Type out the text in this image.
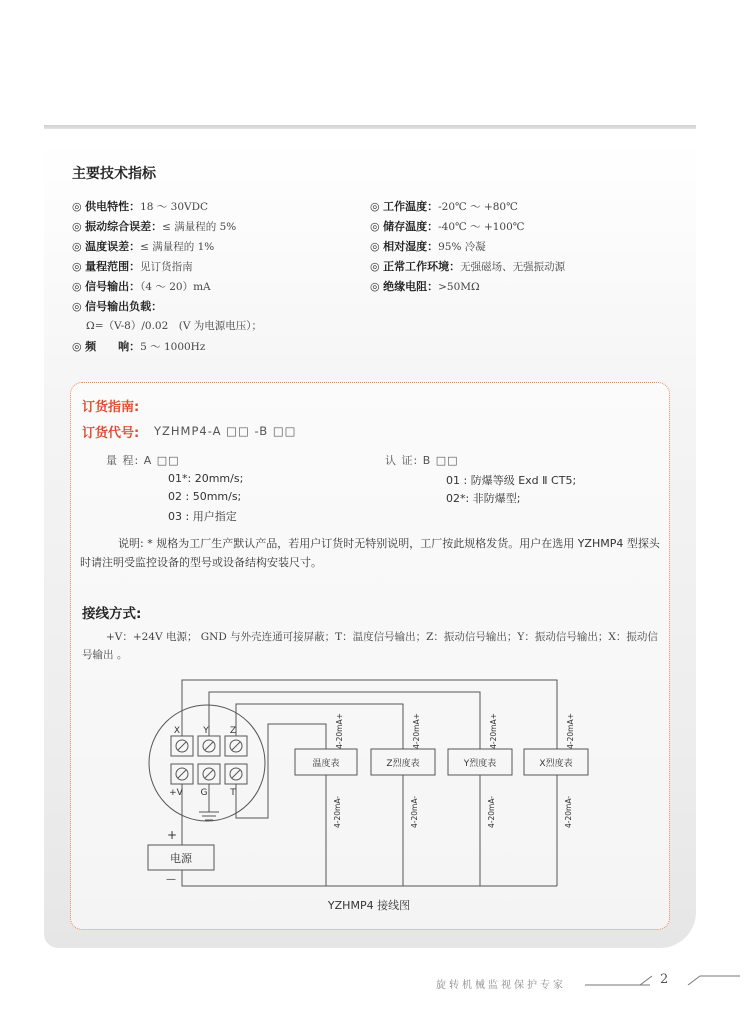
主要技术指标
◎ 供电特性：18 ～ 30VDC
◎ 振动综合误差：≤ 满量程的 5%
◎ 温度误差：≤ 满量程的 1%
◎ 量程范围：见订货指南
◎ 信号输出：（4 ～ 20）mA
◎ 信号输出负载：
Ω=（V-8）/0.02　(V 为电源电压）；
◎ 频　　响：5 ～ 1000Hz
◎ 工作温度：-20℃ ～ +80℃
◎ 储存温度：-40℃ ～ +100℃
◎ 相对湿度：95% 冷凝
◎ 正常工作环境：无强磁场、无强振动源
◎ 绝缘电阻：>50MΩ
订货指南:
订货代号: YZHMP4-A □□ -B □□
量 程: A □□
01*: 20mm/s;
02 : 50mm/s;
03 : 用户指定
认 证: B □□
01 : 防爆等级 Exd Ⅱ CT5;
02*: 非防爆型;
说明: * 规格为工厂生产默认产品，若用户订货时无特别说明，工厂按此规格发货。用户在选用 YZHMP4 型探头时请注明受监控设备的型号或设备结构安装尺寸。
接线方式:
+V：+24V 电源； GND 与外壳连通可接屏蔽；T：温度信号输出；Z：振动信号输出；Y：振动信号输出；X：振动信号输出 。
X	Y Z
+V G	T
温度表	Z烈度表	Y烈度表	X烈度表
4-20mA+	4-20mA+	4-20mA+	4-20mA+
4-20mA-	4-20mA-	4-20mA-	4-20mA-
电源
+
—
YZHMP4 接线图
旋转机械监视保护专家	2
